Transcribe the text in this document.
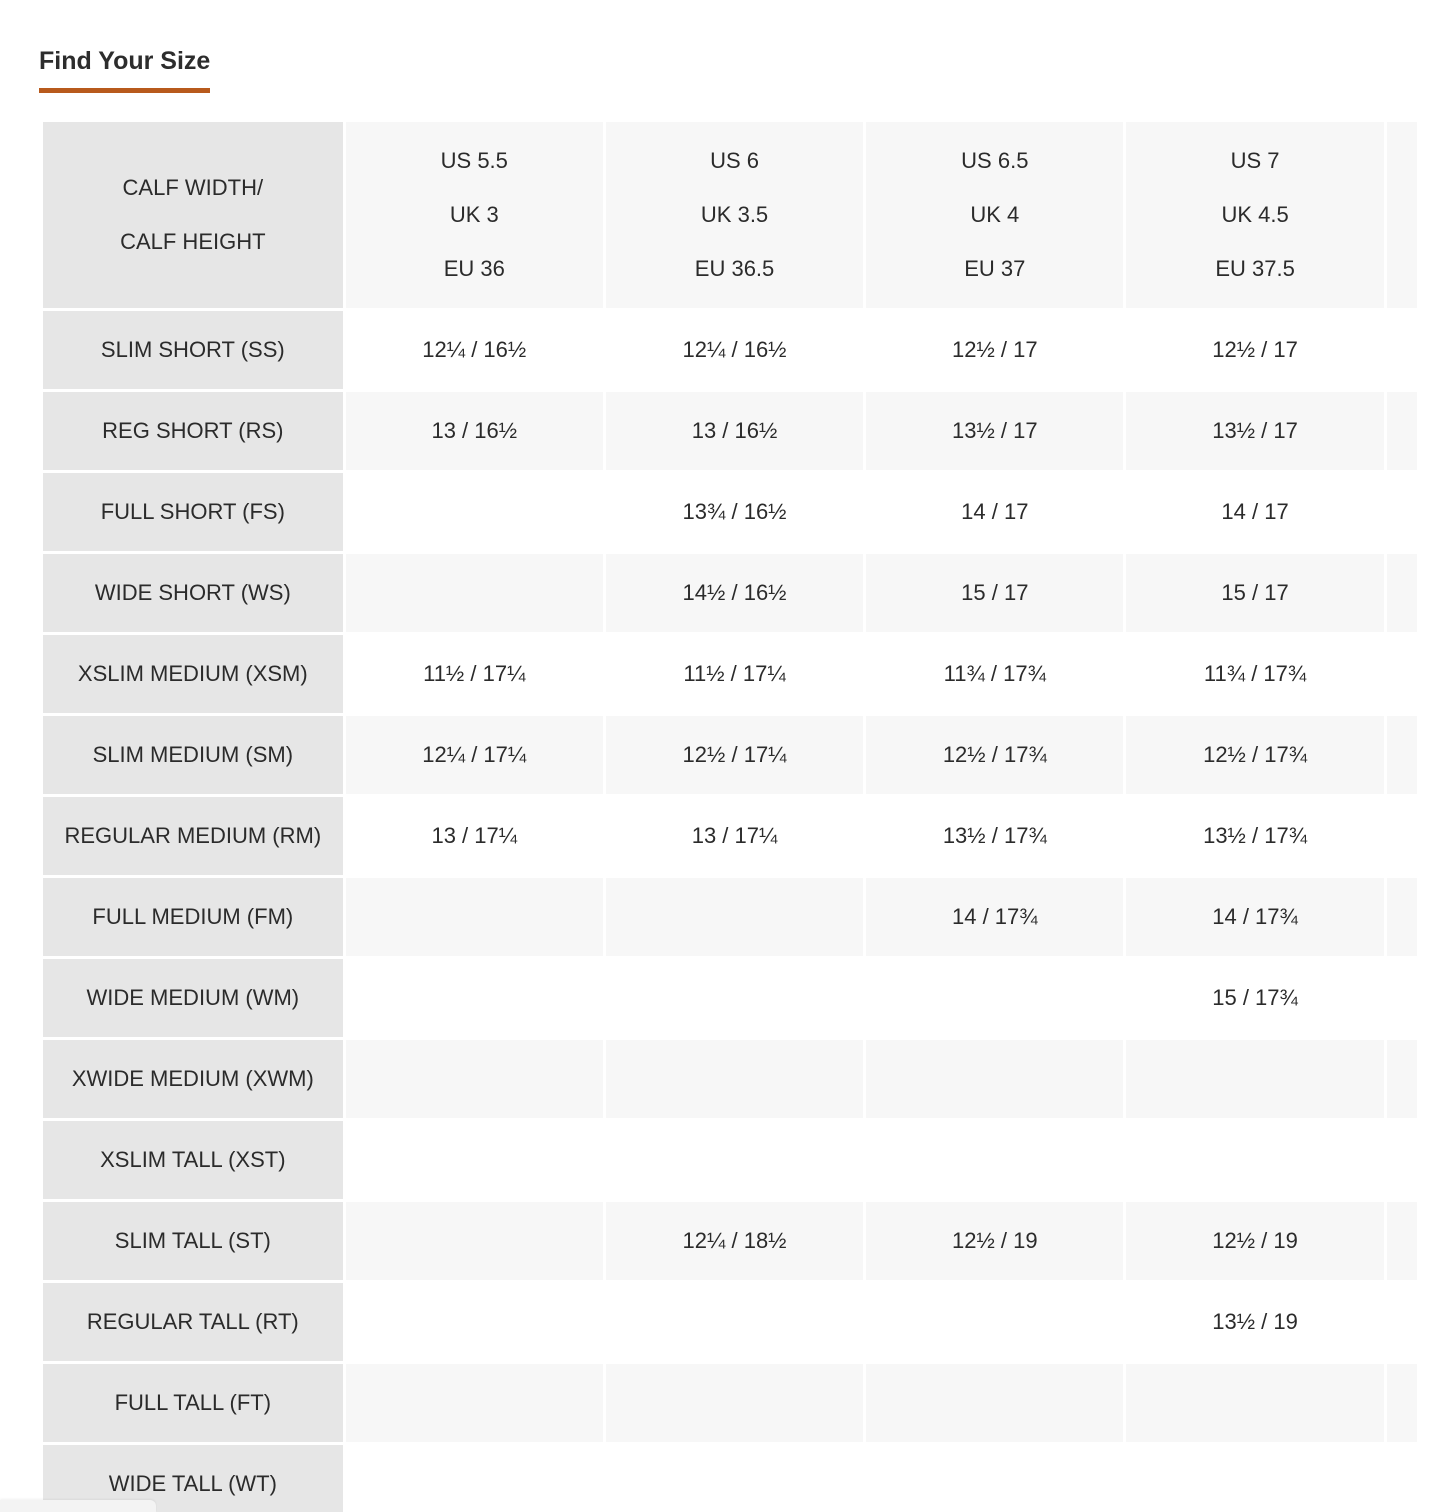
Find Your Size
CALF WIDTH/
CALF HEIGHT	US 5.5
UK 3
EU 36	US 6
UK 3.5
EU 36.5	US 6.5
UK 4
EU 37	US 7
UK 4.5
EU 37.5	

SLIM SHORT (SS)	12¼ / 16½	12¼ / 16½	12½ / 17	12½ / 17	
REG SHORT (RS)	13 / 16½	13 / 16½	13½ / 17	13½ / 17	
FULL SHORT (FS)		13¾ / 16½	14 / 17	14 / 17	
WIDE SHORT (WS)		14½ / 16½	15 / 17	15 / 17	
XSLIM MEDIUM (XSM)	11½ / 17¼	11½ / 17¼	11¾ / 17¾	11¾ / 17¾	
SLIM MEDIUM (SM)	12¼ / 17¼	12½ / 17¼	12½ / 17¾	12½ / 17¾	
REGULAR MEDIUM (RM)	13 / 17¼	13 / 17¼	13½ / 17¾	13½ / 17¾	
FULL MEDIUM (FM)			14 / 17¾	14 / 17¾	
WIDE MEDIUM (WM)				15 / 17¾	
XWIDE MEDIUM (XWM)					
XSLIM TALL (XST)					
SLIM TALL (ST)		12¼ / 18½	12½ / 19	12½ / 19	
REGULAR TALL (RT)				13½ / 19	
FULL TALL (FT)					
WIDE TALL (WT)					
